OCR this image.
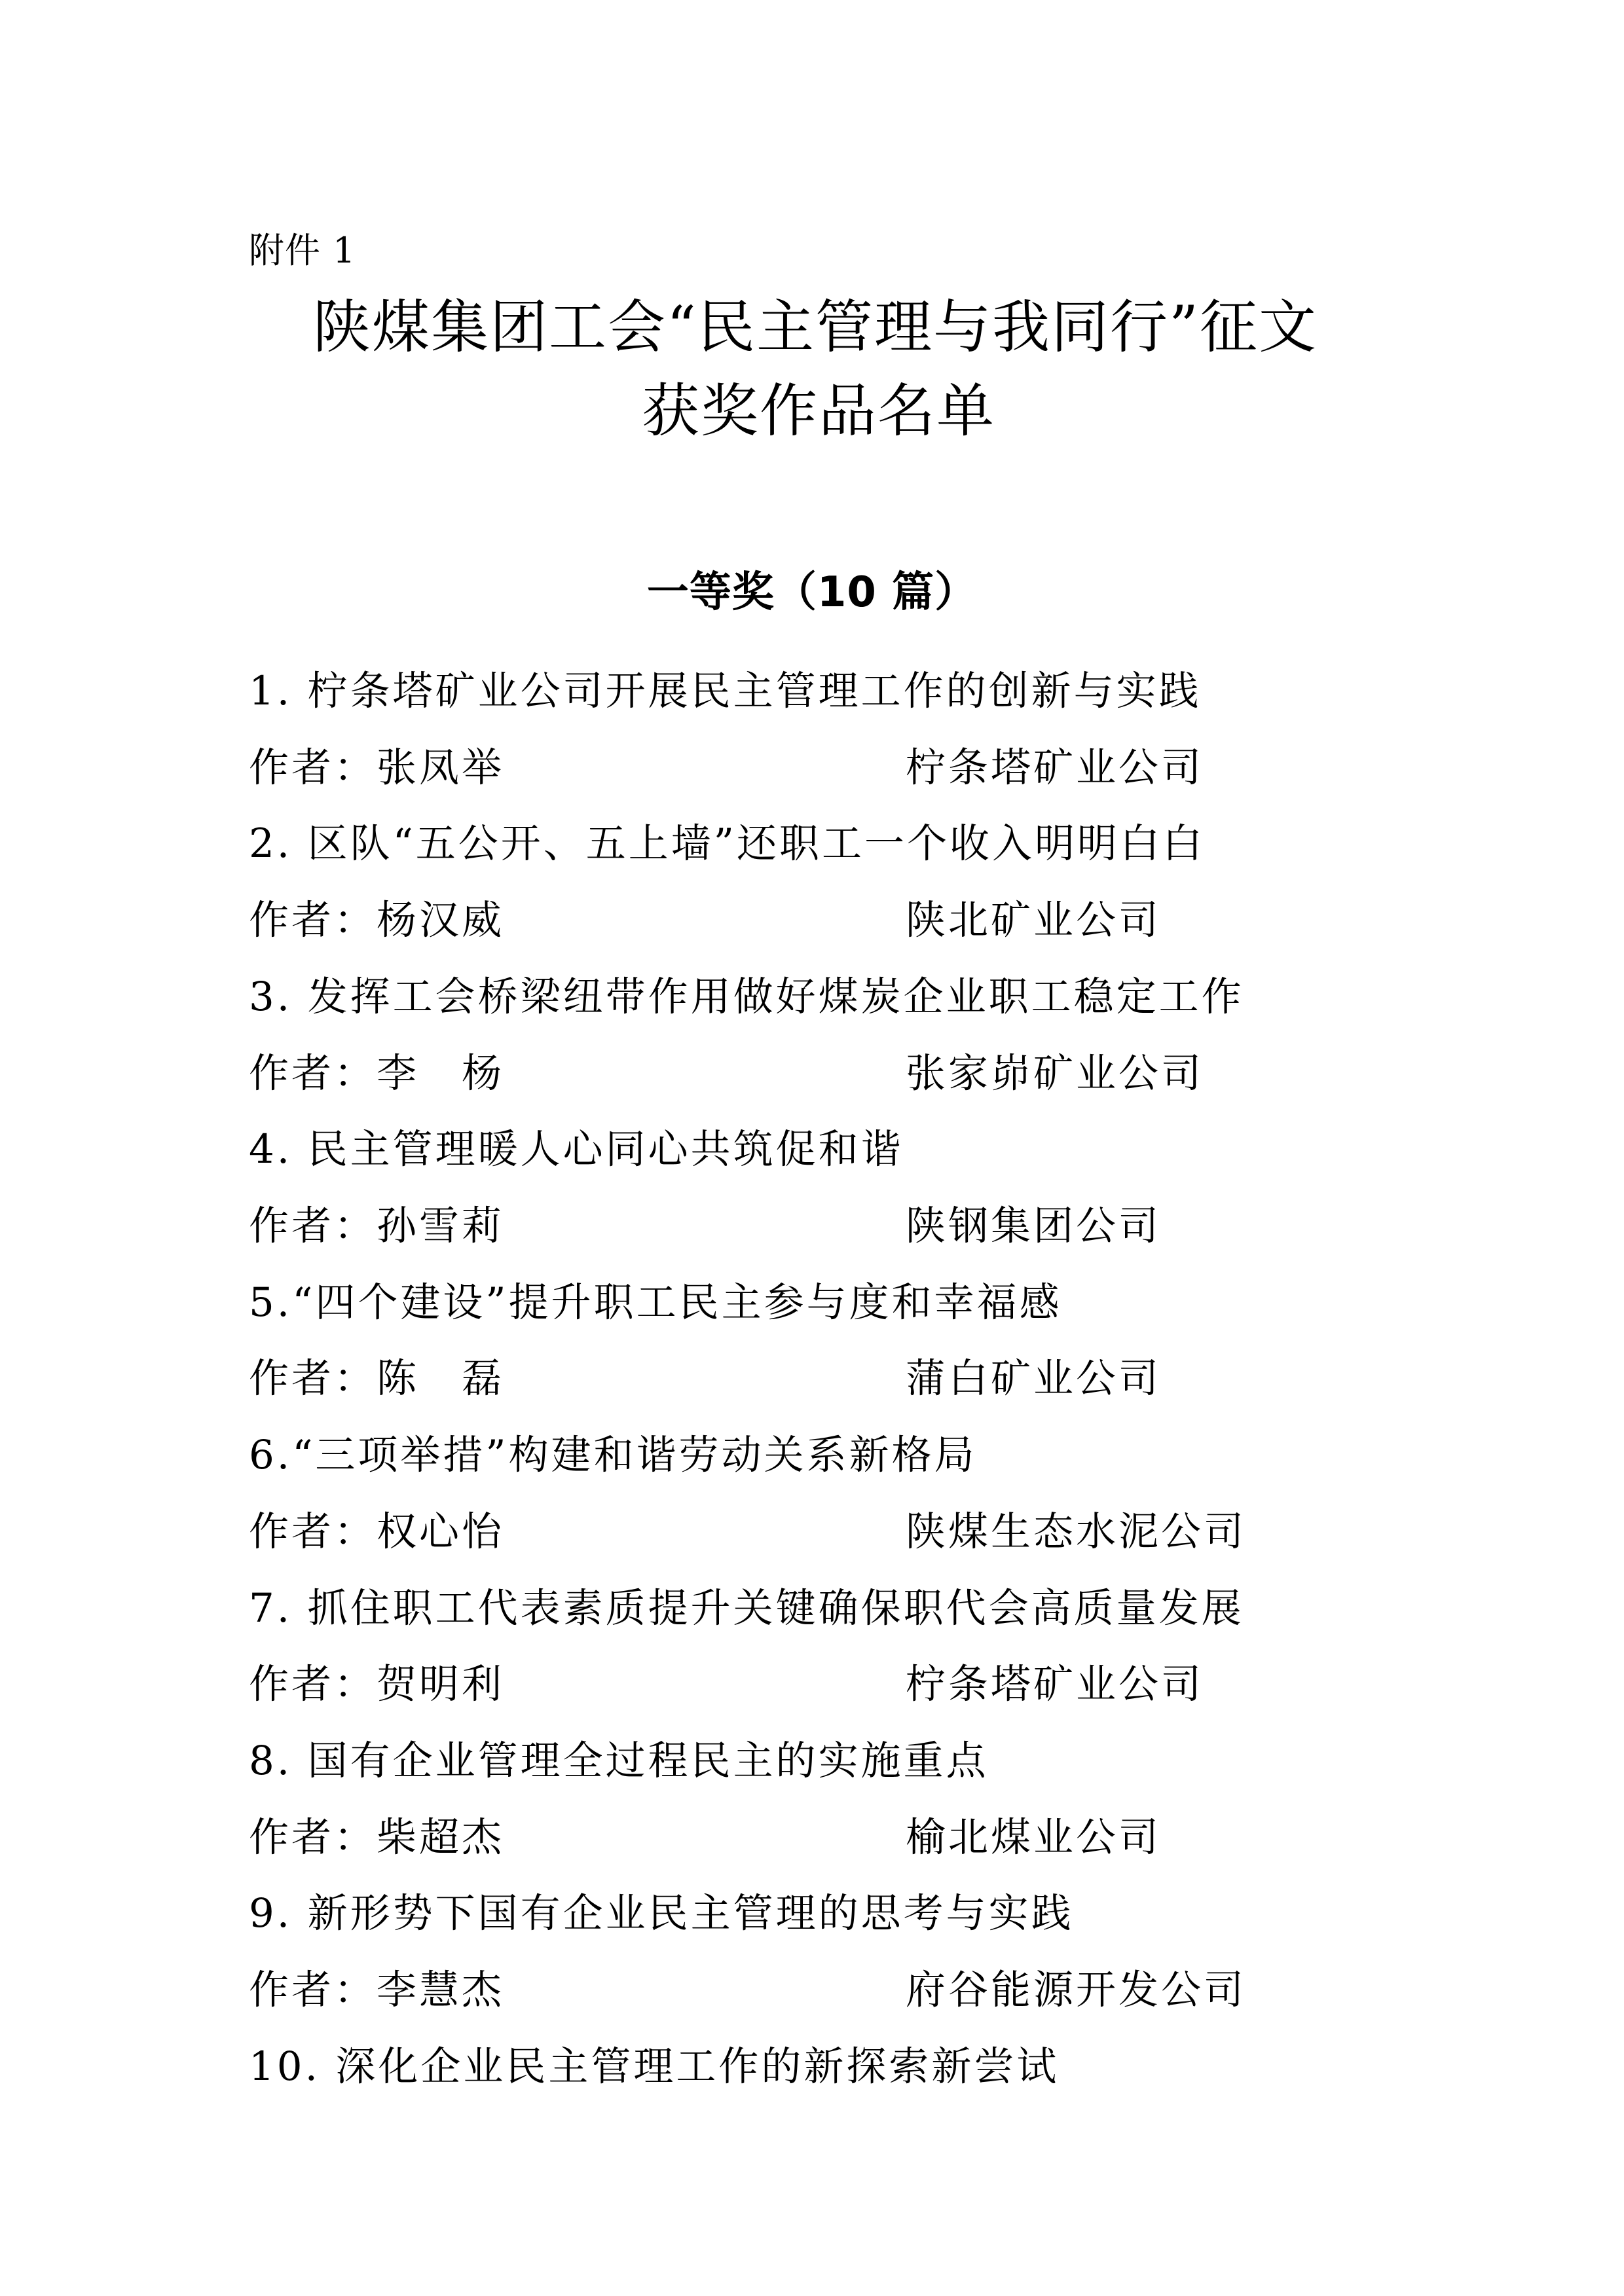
附件 1
陕煤集团工会“民主管理与我同行”征文
获奖作品名单
一等奖（10 篇）
1. 柠条塔矿业公司开展民主管理工作的创新与实践
作者：张凤举	柠条塔矿业公司
2. 区队“五公开、五上墙”还职工一个收入明明白白
作者：杨汉威	陕北矿业公司
3. 发挥工会桥梁纽带作用做好煤炭企业职工稳定工作
作者：李　杨	张家峁矿业公司
4. 民主管理暖人心同心共筑促和谐
作者：孙雪莉	陕钢集团公司
5.“四个建设”提升职工民主参与度和幸福感
作者：陈　磊	蒲白矿业公司
6.“三项举措”构建和谐劳动关系新格局
作者：权心怡	陕煤生态水泥公司
7. 抓住职工代表素质提升关键确保职代会高质量发展
作者：贺明利	柠条塔矿业公司
8. 国有企业管理全过程民主的实施重点
作者：柴超杰	榆北煤业公司
9. 新形势下国有企业民主管理的思考与实践
作者：李慧杰	府谷能源开发公司
10. 深化企业民主管理工作的新探索新尝试
